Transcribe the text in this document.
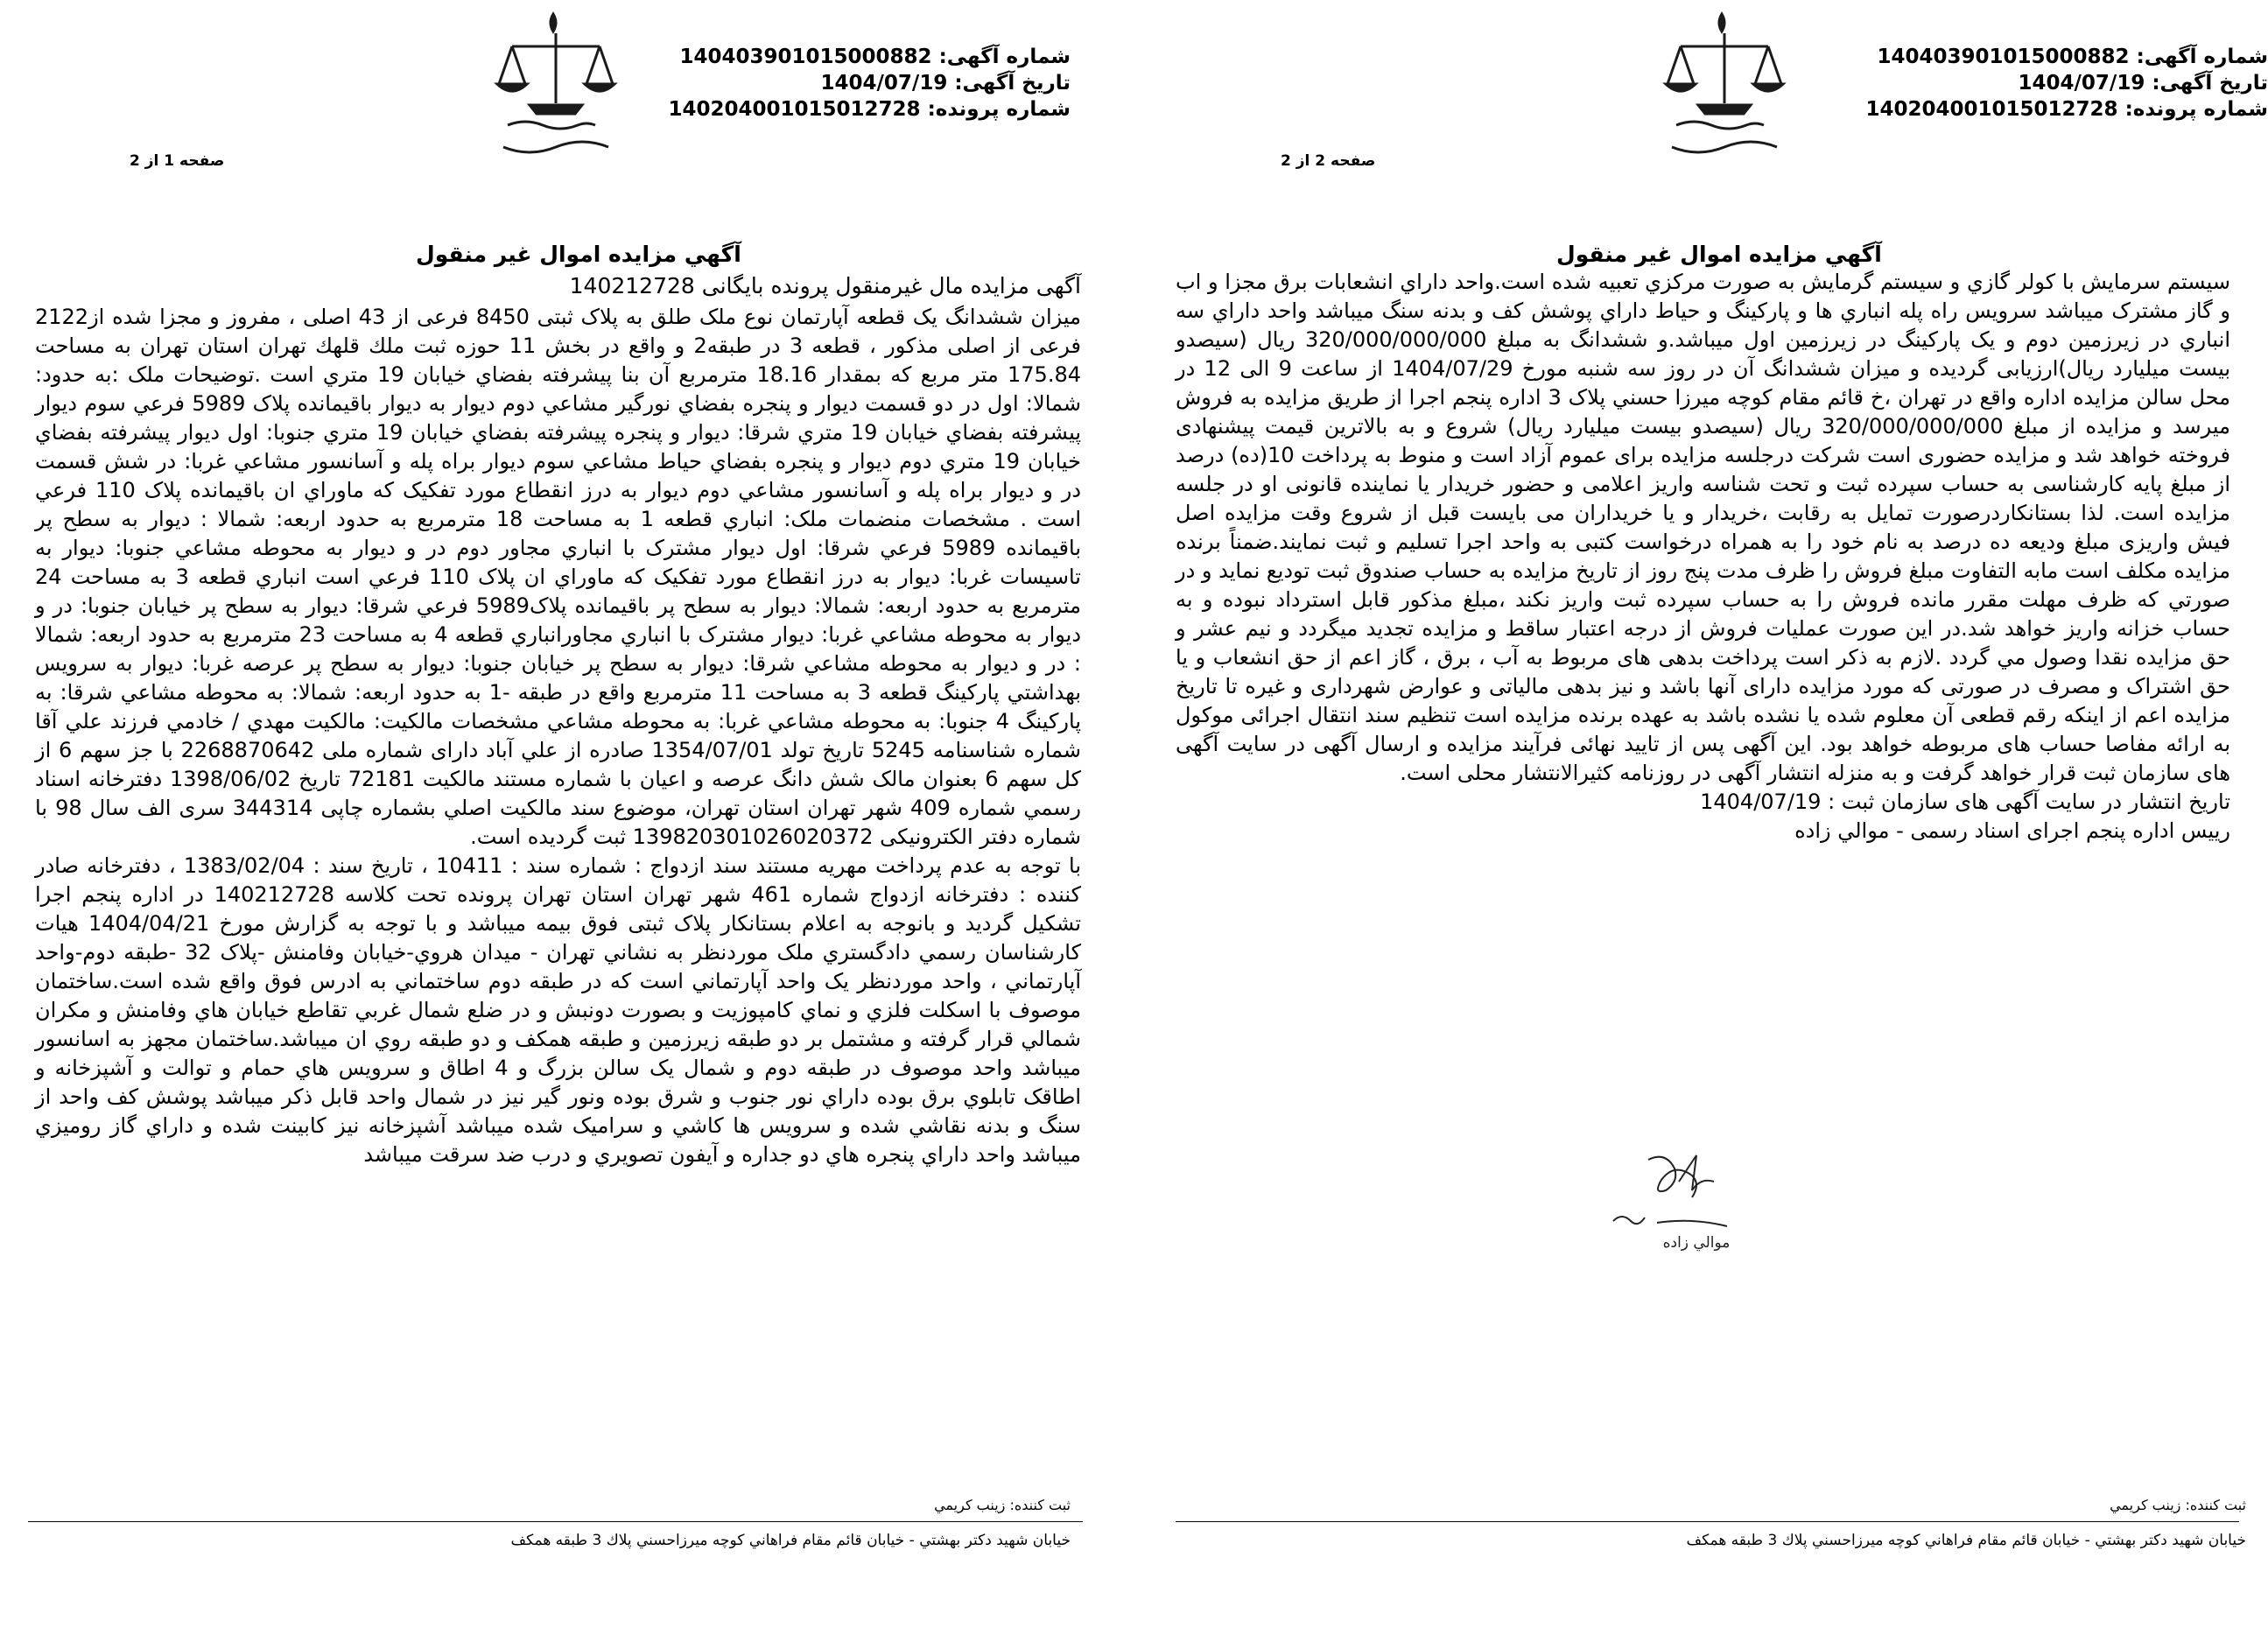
شماره آگهی: 140403901015000882
تاریخ آگهی: 1404/07/19
شماره پرونده: 140204001015012728
صفحه 1 از 2
آگهي مزايده اموال غير منقول
آگهی مزایده مال غیرمنقول پرونده بایگانی 140212728

میزان ششدانگ یک قطعه آپارتمان نوع ملک طلق به پلاک ثبتی 8450 فرعی از 43 اصلی ، مفروز و مجزا شده از2122 فرعی از اصلی مذکور ، قطعه 3 در طبقه2 و واقع در بخش 11 حوزه ثبت ملك قلهك تهران استان تهران به مساحت 175.84 متر مربع كه بمقدار 18.16 مترمربع آن بنا پيشرفته بفضاي خيابان 19 متري است .توضيحات ملک :به حدود: شمالا: اول در دو قسمت ديوار و پنجره بفضاي نورگير مشاعي دوم ديوار به ديوار باقيمانده پلاک 5989 فرعي سوم ديوار پيشرفته بفضاي خيابان 19 متري شرقا: ديوار و پنجره پيشرفته بفضاي خيابان 19 متري جنوبا: اول ديوار پيشرفته بفضاي خيابان 19 متري دوم ديوار و پنجره بفضاي حياط مشاعي سوم ديوار براه پله و آسانسور مشاعي غربا: در شش قسمت در و ديوار براه پله و آسانسور مشاعي دوم ديوار به درز انقطاع مورد تفکيک که ماوراي ان باقيمانده پلاک 110 فرعي است . مشخصات منضمات ملک: انباري قطعه 1 به مساحت 18 مترمربع به حدود اربعه: شمالا : ديوار به سطح پر باقيمانده 5989 فرعي شرقا: اول ديوار مشترک با انباري مجاور دوم در و ديوار به محوطه مشاعي جنوبا: ديوار به تاسيسات غربا: ديوار به درز انقطاع مورد تفکيک که ماوراي ان پلاک 110 فرعي است انباري قطعه 3 به مساحت 24 مترمربع به حدود اربعه: شمالا: ديوار به سطح پر باقيمانده پلاک5989 فرعي شرقا: ديوار به سطح پر خيابان جنوبا: در و ديوار به محوطه مشاعي غربا: ديوار مشترک با انباري مجاورانباري قطعه 4 به مساحت 23 مترمربع به حدود اربعه: شمالا : در و ديوار به محوطه مشاعي شرقا: ديوار به سطح پر خيابان جنوبا: ديوار به سطح پر عرصه غربا: ديوار به سرويس بهداشتي پارکينگ قطعه 3 به مساحت 11 مترمربع واقع در طبقه -1 به حدود اربعه: شمالا: به محوطه مشاعي شرقا: به پارکينگ 4 جنوبا: به محوطه مشاعي غربا: به محوطه مشاعي مشخصات مالکیت: مالکيت مهدي / خادمي فرزند علي آقا شماره شناسنامه 5245 تاریخ تولد 1354/07/01 صادره از علي آباد دارای شماره ملی 2268870642 با جز سهم 6 از کل سهم 6 بعنوان مالک شش دانگ عرصه و اعیان با شماره مستند مالکیت 72181 تاریخ 1398/06/02 دفترخانه اسناد رسمي شماره 409 شهر تهران استان تهران، موضوع سند مالكيت اصلي بشماره چاپی 344314 سری الف سال 98 با شماره دفتر الکترونیکی 139820301026020372 ثبت گردیده است.

با توجه به عدم پرداخت مهریه مستند سند ازدواج : شماره سند : 10411 ، تاریخ سند : 1383/02/04 ، دفترخانه صادر کننده : دفترخانه ازدواج شماره 461 شهر تهران استان تهران پرونده تحت کلاسه 140212728 در اداره پنجم اجرا تشکیل گردید و بانوجه به اعلام بستانکار پلاک ثبتی فوق بیمه میباشد و با توجه به گزارش مورخ 1404/04/21 هيات كارشناسان رسمي دادگستري ملک موردنظر به نشاني تهران - ميدان هروي-خيابان وفامنش -پلاک 32 -طبقه دوم-واحد آپارتماني ، واحد موردنظر يک واحد آپارتماني است که در طبقه دوم ساختماني به ادرس فوق واقع شده است.ساختمان موصوف با اسکلت فلزي و نماي کامپوزيت و بصورت دونبش و در ضلع شمال غربي تقاطع خيابان هاي وفامنش و مکران شمالي قرار گرفته و مشتمل بر دو طبقه زيرزمين و طبقه همکف و دو طبقه روي ان ميباشد.ساختمان مجهز به اسانسور ميباشد واحد موصوف در طبقه دوم و شمال يک سالن بزرگ و 4 اطاق و سرويس هاي حمام و توالت و آشپزخانه و اطاقک تابلوي برق بوده داراي نور جنوب و شرق بوده ونور گير نيز در شمال واحد قابل ذکر ميباشد پوشش کف واحد از سنگ و بدنه نقاشي شده و سرويس ها کاشي و سراميک شده ميباشد آشپزخانه نيز کابينت شده و داراي گاز روميزي ميباشد واحد داراي پنجره هاي دو جداره و آيفون تصويري و درب ضد سرقت ميباشد

ثبت کننده: زینب کریمي
خيابان شهيد دكتر بهشتي - خيابان قائم مقام فراهاني كوچه ميرزاحسني پلاك 3 طبقه همكف
شماره آگهی: 140403901015000882
تاریخ آگهی: 1404/07/19
شماره پرونده: 140204001015012728
صفحه 2 از 2
آگهي مزايده اموال غير منقول

سيستم سرمايش با کولر گازي و سيستم گرمايش به صورت مرکزي تعبيه شده است.واحد داراي انشعابات برق مجزا و اب و گاز مشترک ميباشد سرويس راه پله انباري ها و پارکينگ و حياط داراي پوشش کف و بدنه سنگ ميباشد واحد داراي سه انباري در زيرزمين دوم و يک پارکينگ در زيرزمين اول ميباشد.و ششدانگ به مبلغ 320/000/000/000 ریال (سیصدو بیست میلیارد ریال)ارزیابی گردیده و میزان ششدانگ آن در روز سه شنبه مورخ 1404/07/29 از ساعت 9 الی 12 در محل سالن مزايده اداره واقع در تهران ،خ قائم مقام کوچه ميرزا حسني پلاک 3 اداره پنجم اجرا از طریق مزایده به فروش میرسد و مزایده از مبلغ 320/000/000/000 ریال (سیصدو بیست میلیارد ریال) شروع و به بالاترين قيمت پيشنهادی فروخته خواهد شد و مزایده حضوری است شرکت درجلسه مزایده برای عموم آزاد است و منوط به پرداخت 10(ده) درصد از مبلغ پایه کارشناسی به حساب سپرده ثبت و تحت شناسه واریز اعلامی و حضور خریدار یا نماینده قانونی او در جلسه مزایده است. لذا بستانکاردرصورت تمایل به رقابت ،خریدار و یا خریداران می بایست قبل از شروع وقت مزایده اصل فیش واریزی مبلغ ودیعه ده درصد به نام خود را به همراه درخواست کتبی به واحد اجرا تسلیم و ثبت نمایند.ضمناً برنده مزایده مکلف است مابه التفاوت مبلغ فروش را ظرف مدت پنج روز از تاریخ مزایده به حساب صندوق ثبت تودیع نماید و در صورتي كه ظرف مهلت مقرر مانده فروش را به حساب سپرده ثبت واريز نكند ،مبلغ مذكور قابل استرداد نبوده و به حساب خزانه واريز خواهد شد.در اين صورت عمليات فروش از درجه اعتبار ساقط و مزايده تجديد ميگردد و نيم عشر و حق مزايده نقدا وصول مي گردد .لازم به ذكر است پرداخت بدهی های مربوط به آب ، برق ، گاز اعم از حق انشعاب و یا حق اشتراک و مصرف در صورتی که مورد مزایده دارای آنها باشد و نیز بدهی مالیاتی و عوارض شهرداری و غیره تا تاریخ مزایده اعم از اینکه رقم قطعی آن معلوم شده یا نشده باشد به عهده برنده مزایده است تنظیم سند انتقال اجرائی موکول به ارائه مفاصا حساب های مربوطه خواهد بود. این آگهی پس از تایید نهائی فرآیند مزایده و ارسال آگهی در سایت آگهی های سازمان ثبت قرار خواهد گرفت و به منزله انتشار آگهی در روزنامه کثیرالانتشار محلی است.

تاریخ انتشار در سایت آگهی های سازمان ثبت : 1404/07/19

رييس اداره پنجم اجرای اسناد رسمی - موالي زاده

موالي زاده
ثبت کننده: زینب کریمي
خيابان شهيد دكتر بهشتي - خيابان قائم مقام فراهاني كوچه ميرزاحسني پلاك 3 طبقه همكف
